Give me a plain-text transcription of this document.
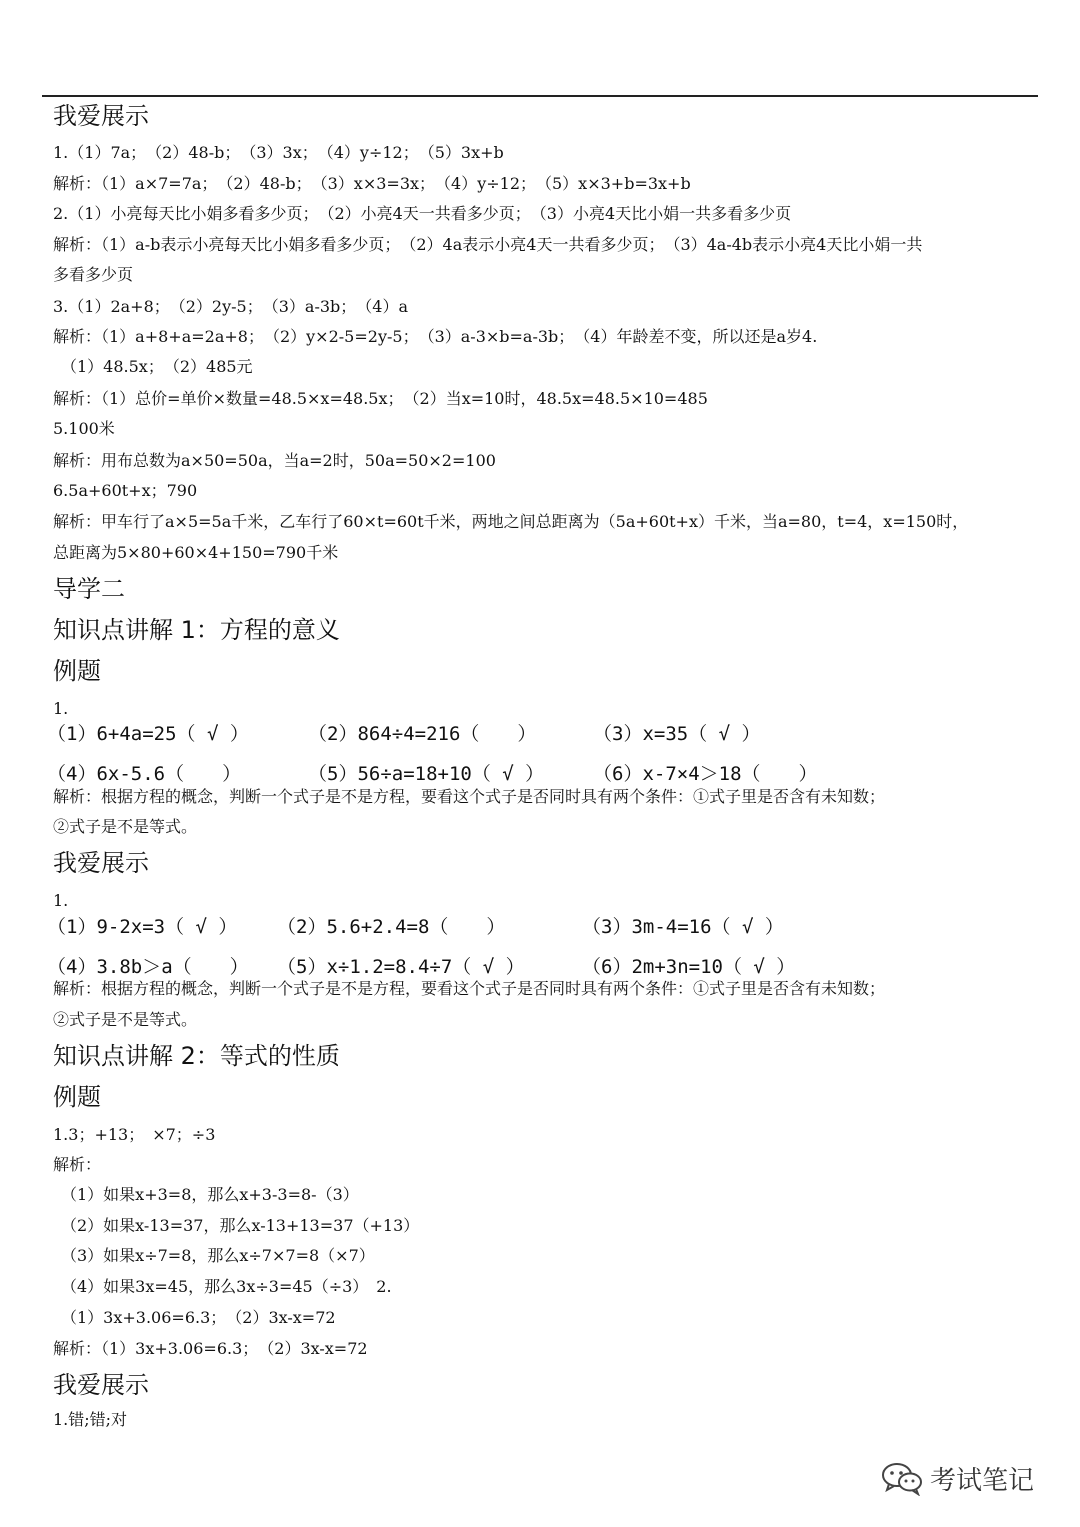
我爱展示
1.（1）7a；　（2）48-b；　（3）3x；　（4）y÷12；　（5）3x+b
解析：（1）a×7=7a；　（2）48-b；　（3）x×3=3x；　（4）y÷12；　（5）x×3+b=3x+b
2.（1）小亮每天比小娟多看多少页；　（2）小亮4天一共看多少页；　（3）小亮4天比小娟一共多看多少页
解析：（1）a-b表示小亮每天比小娟多看多少页；　（2）4a表示小亮4天一共看多少页；　（3）4a-4b表示小亮4天比小娟一共
多看多少页
3.（1）2a+8；　（2）2y-5；　（3）a-3b；　（4）a
解析：（1）a+8+a=2a+8；　（2）y×2-5=2y-5；　（3）a-3×b=a-3b；　（4）年龄差不变，所以还是a岁4.
（1）48.5x；　（2）485元
解析：（1）总价=单价×数量=48.5×x=48.5x；　（2）当x=10时，48.5x=48.5×10=485
5.100米
解析：用布总数为a×50=50a，当a=2时，50a=50×2=100
6.5a+60t+x；790
解析：甲车行了a×5=5a千米，乙车行了60×t=60t千米，两地之间总距离为（5a+60t+x）千米，当a=80，t=4，x=150时，
总距离为5×80+60×4+150=790千米
导学二
知识点讲解 1：方程的意义
例题
1.
（1）6+4a=25（ √ ）	（2）864÷4=216（　　）	（3）x=35（ √ ）
（4）6x-5.6（　　）	（5）56÷a=18+10（ √ ）	（6）x-7×4＞18（　　）
解析：根据方程的概念，判断一个式子是不是方程，要看这个式子是否同时具有两个条件：①式子里是否含有未知数；
②式子是不是等式。
我爱展示
1.
（1）9-2x=3（ √ ） （2）5.6+2.4=8（　　）	（3）3m-4=16（ √ ）
（4）3.8b＞a（　　） （5）x÷1.2=8.4÷7（ √ ）	（6）2m+3n=10（ √ ）
解析：根据方程的概念，判断一个式子是不是方程，要看这个式子是否同时具有两个条件：①式子里是否含有未知数；
②式子是不是等式。
知识点讲解 2：等式的性质
例题
1.3；+13；　×7；÷3
解析：
（1）如果x+3=8，那么x+3-3=8-（3）
（2）如果x-13=37，那么x-13+13=37（+13）
（3）如果x÷7=8，那么x÷7×7=8（×7）
（4）如果3x=45，那么3x÷3=45（÷3）　2.
（1）3x+3.06=6.3；　（2）3x-x=72
解析：（1）3x+3.06=6.3；　（2）3x-x=72
我爱展示
1.错;错;对
考试笔记
